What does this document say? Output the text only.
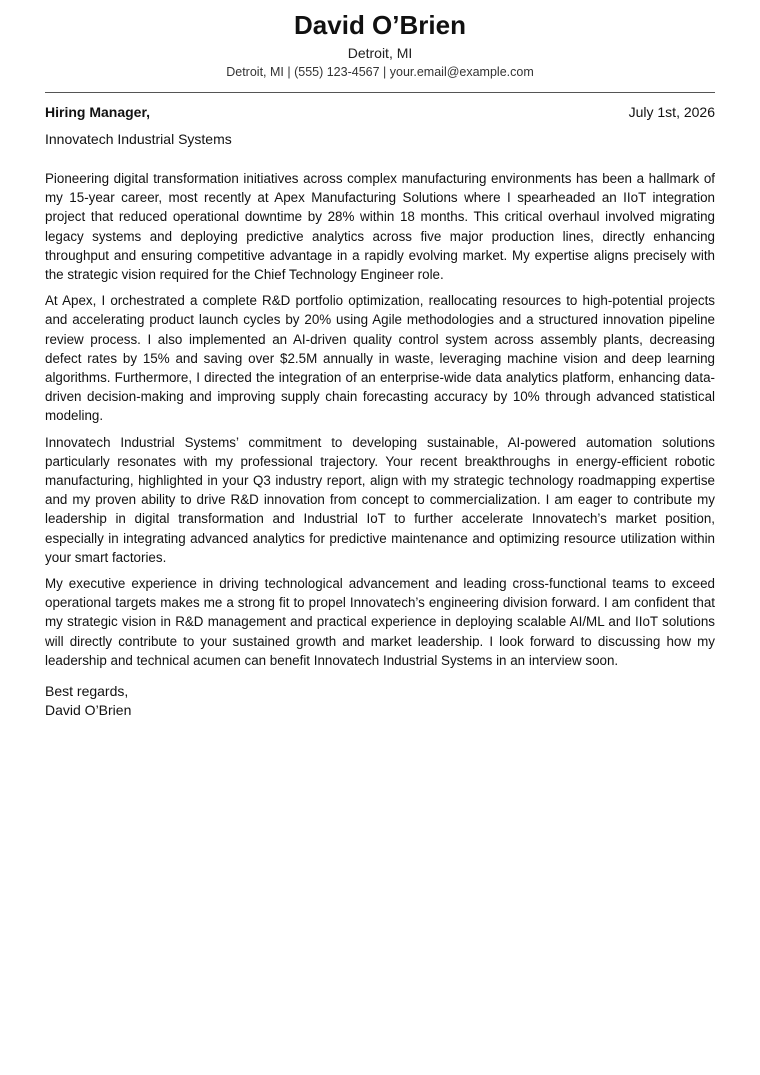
David O’Brien
Detroit, MI
Detroit, MI | (555) 123-4567 | your.email@example.com
Hiring Manager,	July 1st, 2026
Innovatech Industrial Systems

Pioneering digital transformation initiatives across complex manufacturing environments has been a hallmark of my 15-year career, most recently at Apex Manufacturing Solutions where I spearheaded an IIoT integration project that reduced operational downtime by 28% within 18 months. This critical overhaul involved migrating legacy systems and deploying predictive analytics across five major production lines, directly enhancing throughput and ensuring competitive advantage in a rapidly evolving market. My expertise aligns precisely with the strategic vision required for the Chief Technology Engineer role.

At Apex, I orchestrated a complete R&D portfolio optimization, reallocating resources to high-potential projects and accelerating product launch cycles by 20% using Agile methodologies and a structured innovation pipeline review process. I also implemented an AI-driven quality control system across assembly plants, decreasing defect rates by 15% and saving over $2.5M annually in waste, leveraging machine vision and deep learning algorithms. Furthermore, I directed the integration of an enterprise-wide data analytics platform, enhancing data-driven decision-making and improving supply chain forecasting accuracy by 10% through advanced statistical modeling.

Innovatech Industrial Systems’ commitment to developing sustainable, AI-powered automation solutions particularly resonates with my professional trajectory. Your recent breakthroughs in energy-efficient robotic manufacturing, highlighted in your Q3 industry report, align with my strategic technology roadmapping expertise and my proven ability to drive R&D innovation from concept to commercialization. I am eager to contribute my leadership in digital transformation and Industrial IoT to further accelerate Innovatech’s market position, especially in integrating advanced analytics for predictive maintenance and optimizing resource utilization within your smart factories.

My executive experience in driving technological advancement and leading cross-functional teams to exceed operational targets makes me a strong fit to propel Innovatech’s engineering division forward. I am confident that my strategic vision in R&D management and practical experience in deploying scalable AI/ML and IIoT solutions will directly contribute to your sustained growth and market leadership. I look forward to discussing how my leadership and technical acumen can benefit Innovatech Industrial Systems in an interview soon.

Best regards,
David O’Brien
